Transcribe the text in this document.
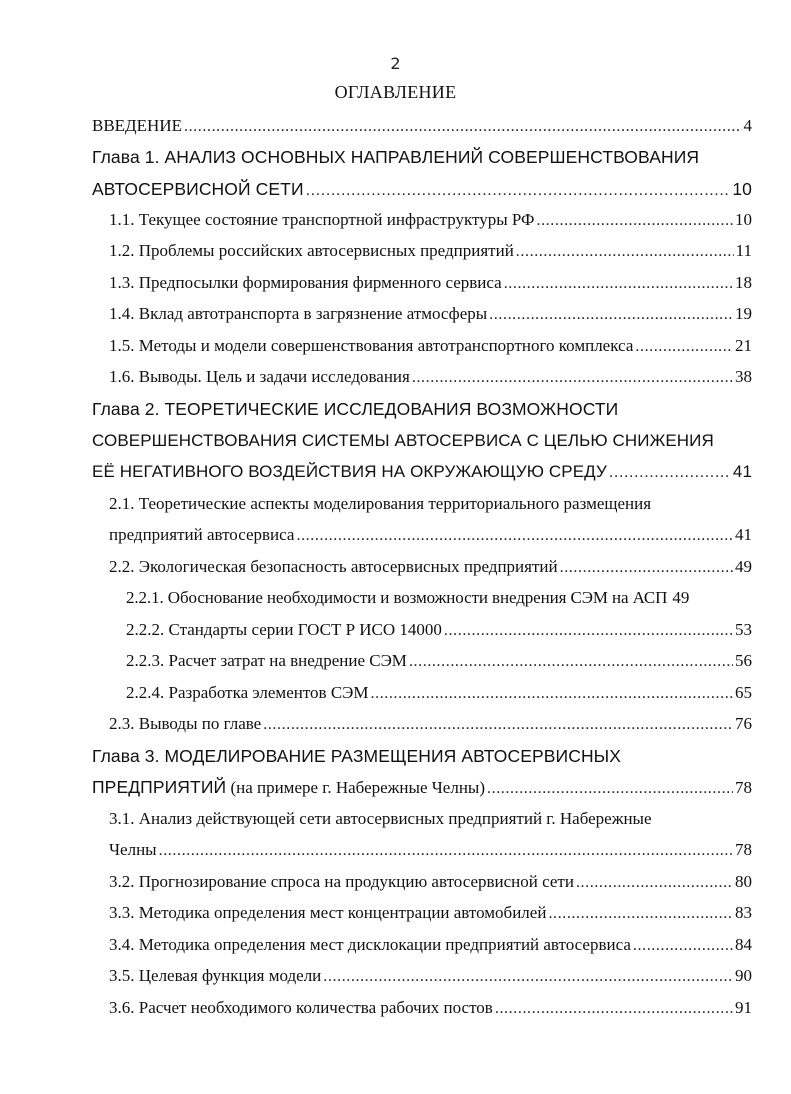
2
ОГЛАВЛЕНИЕ
ВВЕДЕНИЕ .....	4
Глава 1. АНАЛИЗ ОСНОВНЫХ НАПРАВЛЕНИЙ СОВЕРШЕНСТВОВАНИЯ
АВТОСЕРВИСНОЙ СЕТИ .....	10
1.1. Текущее состояние транспортной инфраструктуры РФ .....	10
1.2. Проблемы российских автосервисных предприятий .....	11
1.3. Предпосылки формирования фирменного сервиса .....	18
1.4. Вклад автотранспорта в загрязнение атмосферы .....	19
1.5. Методы и модели совершенствования автотранспортного комплекса .....	21
1.6. Выводы. Цель и задачи исследования .....	38
Глава 2. ТЕОРЕТИЧЕСКИЕ ИССЛЕДОВАНИЯ ВОЗМОЖНОСТИ
СОВЕРШЕНСТВОВАНИЯ СИСТЕМЫ АВТОСЕРВИСА С ЦЕЛЬЮ СНИЖЕНИЯ
ЕЁ НЕГАТИВНОГО ВОЗДЕЙСТВИЯ НА ОКРУЖАЮЩУЮ СРЕДУ .....	41
2.1. Теоретические аспекты моделирования территориального размещения
предприятий автосервиса .....	41
2.2. Экологическая безопасность автосервисных предприятий .....	49
2.2.1. Обоснование необходимости и возможности внедрения СЭМ на АСП 49
2.2.2. Стандарты серии ГОСТ Р ИСО 14000 .....	53
2.2.3. Расчет затрат на внедрение СЭМ .....	56
2.2.4. Разработка элементов СЭМ .....	65
2.3. Выводы по главе .....	76
Глава 3. МОДЕЛИРОВАНИЕ РАЗМЕЩЕНИЯ АВТОСЕРВИСНЫХ
ПРЕДПРИЯТИЙ (на примере г. Набережные Челны) .....	78
3.1. Анализ действующей сети автосервисных предприятий г. Набережные
Челны .....	78
3.2. Прогнозирование спроса на продукцию автосервисной сети .....	80
3.3. Методика определения мест концентрации автомобилей .....	83
3.4. Методика определения мест дисклокации предприятий автосервиса .....	84
3.5. Целевая функция модели .....	90
3.6. Расчет необходимого количества рабочих постов .....	91
